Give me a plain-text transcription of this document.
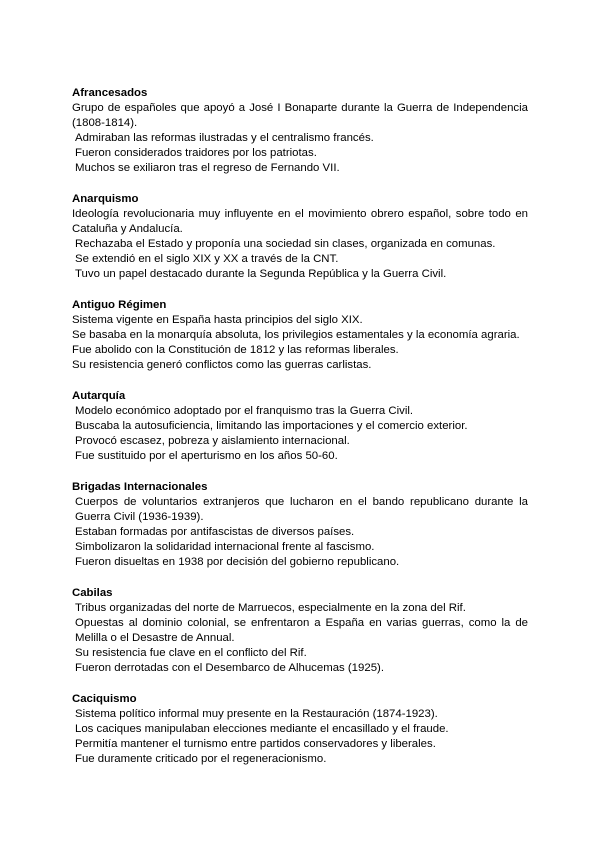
Afrancesados
Grupo de españoles que apoyó a José I Bonaparte durante la Guerra de Independencia (1808-1814).
Admiraban las reformas ilustradas y el centralismo francés.
Fueron considerados traidores por los patriotas.
Muchos se exiliaron tras el regreso de Fernando VII.
Anarquismo
Ideología revolucionaria muy influyente en el movimiento obrero español, sobre todo en Cataluña y Andalucía.
Rechazaba el Estado y proponía una sociedad sin clases, organizada en comunas.
Se extendió en el siglo XIX y XX a través de la CNT.
Tuvo un papel destacado durante la Segunda República y la Guerra Civil.
Antiguo Régimen
Sistema vigente en España hasta principios del siglo XIX.
Se basaba en la monarquía absoluta, los privilegios estamentales y la economía agraria.
Fue abolido con la Constitución de 1812 y las reformas liberales.
Su resistencia generó conflictos como las guerras carlistas.
Autarquía
Modelo económico adoptado por el franquismo tras la Guerra Civil.
Buscaba la autosuficiencia, limitando las importaciones y el comercio exterior.
Provocó escasez, pobreza y aislamiento internacional.
Fue sustituido por el aperturismo en los años 50-60.
Brigadas Internacionales
Cuerpos de voluntarios extranjeros que lucharon en el bando republicano durante la Guerra Civil (1936-1939).
Estaban formadas por antifascistas de diversos países.
Simbolizaron la solidaridad internacional frente al fascismo.
Fueron disueltas en 1938 por decisión del gobierno republicano.
Cabilas
Tribus organizadas del norte de Marruecos, especialmente en la zona del Rif.
Opuestas al dominio colonial, se enfrentaron a España en varias guerras, como la de Melilla o el Desastre de Annual.
Su resistencia fue clave en el conflicto del Rif.
Fueron derrotadas con el Desembarco de Alhucemas (1925).
Caciquismo
Sistema político informal muy presente en la Restauración (1874-1923).
Los caciques manipulaban elecciones mediante el encasillado y el fraude.
Permitía mantener el turnismo entre partidos conservadores y liberales.
Fue duramente criticado por el regeneracionismo.
